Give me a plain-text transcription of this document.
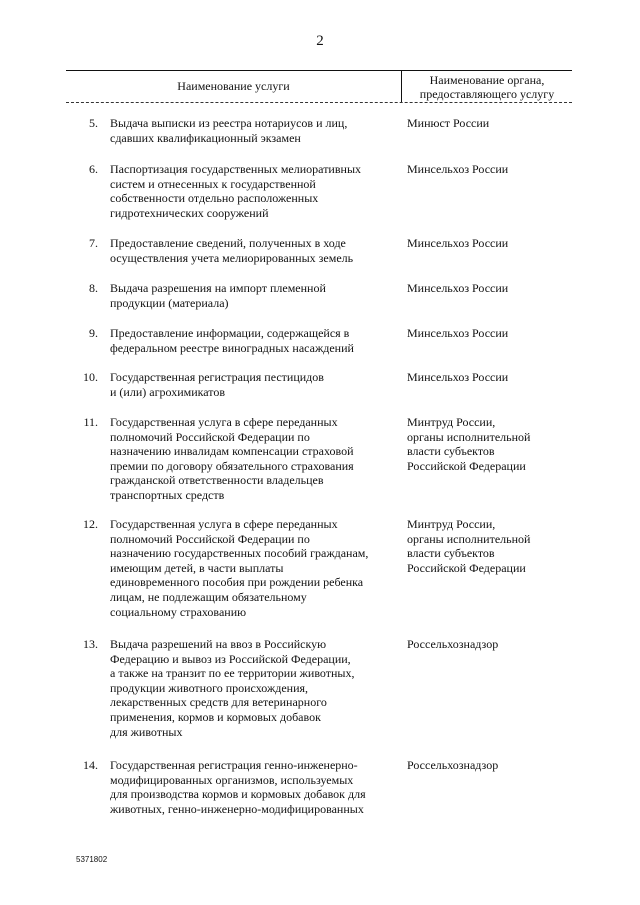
2
Наименование услуги	Наименование органа,
предоставляющего услугу
5. Выдача выписки из реестра нотариусов и лиц,
сдавших квалификационный экзамен
Минюст России
6. Паспортизация государственных мелиоративных
систем и отнесенных к государственной
собственности отдельно расположенных
гидротехнических сооружений
Минсельхоз России
7. Предоставление сведений, полученных в ходе
осуществления учета мелиорированных земель
Минсельхоз России
8. Выдача разрешения на импорт племенной
продукции (материала)
Минсельхоз России
9. Предоставление информации, содержащейся в
федеральном реестре виноградных насаждений
Минсельхоз России
10. Государственная регистрация пестицидов
и (или) агрохимикатов
Минсельхоз России
11. Государственная услуга в сфере переданных
полномочий Российской Федерации по
назначению инвалидам компенсации страховой
премии по договору обязательного страхования
гражданской ответственности владельцев
транспортных средств
Минтруд России,
органы исполнительной
власти субъектов
Российской Федерации
12. Государственная услуга в сфере переданных
полномочий Российской Федерации по
назначению государственных пособий гражданам,
имеющим детей, в части выплаты
единовременного пособия при рождении ребенка
лицам, не подлежащим обязательному
социальному страхованию
Минтруд России,
органы исполнительной
власти субъектов
Российской Федерации
13. Выдача разрешений на ввоз в Российскую
Федерацию и вывоз из Российской Федерации,
а также на транзит по ее территории животных,
продукции животного происхождения,
лекарственных средств для ветеринарного
применения, кормов и кормовых добавок
для животных
Россельхознадзор
14. Государственная регистрация генно-инженерно-
модифицированных организмов, используемых
для производства кормов и кормовых добавок для
животных, генно-инженерно-модифицированных
Россельхознадзор
5371802
